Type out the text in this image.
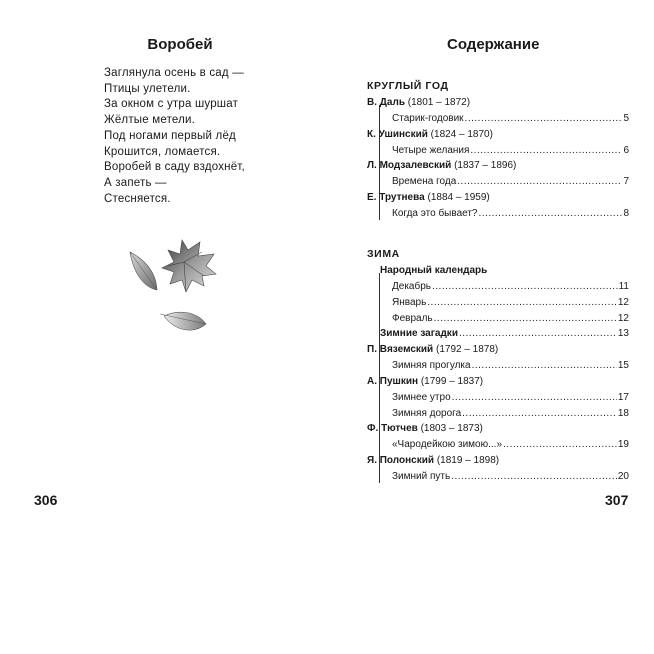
Воробей
Заглянула осень в сад —
Птицы улетели.
За окном с утра шуршат
Жёлтые метели.
Под ногами первый лёд
Крошится, ломается.
Воробей в саду вздохнёт,
А запеть —
Стесняется.
306
Содержание
КРУГЛЫЙ ГОД
В. Даль (1801 – 1872)
Старик-годовик .....	5
К. Ушинский (1824 – 1870)
Четыре желания .....	6
Л. Модзалевский (1837 – 1896)
Времена года .....	7
Е. Трутнева (1884 – 1959)
Когда это бывает? .....	8
ЗИМА
Народный календарь
Декабрь .....	11
Январь .....	12
Февраль .....	12
Зимние загадки .....	13
П. Вяземский (1792 – 1878)
Зимняя прогулка .....	15
А. Пушкин (1799 – 1837)
Зимнее утро .....	17
Зимняя дорога .....	18
Ф. Тютчев (1803 – 1873)
«Чародейкою зимою...» .....	19
Я. Полонский (1819 – 1898)
Зимний путь .....	20
307
